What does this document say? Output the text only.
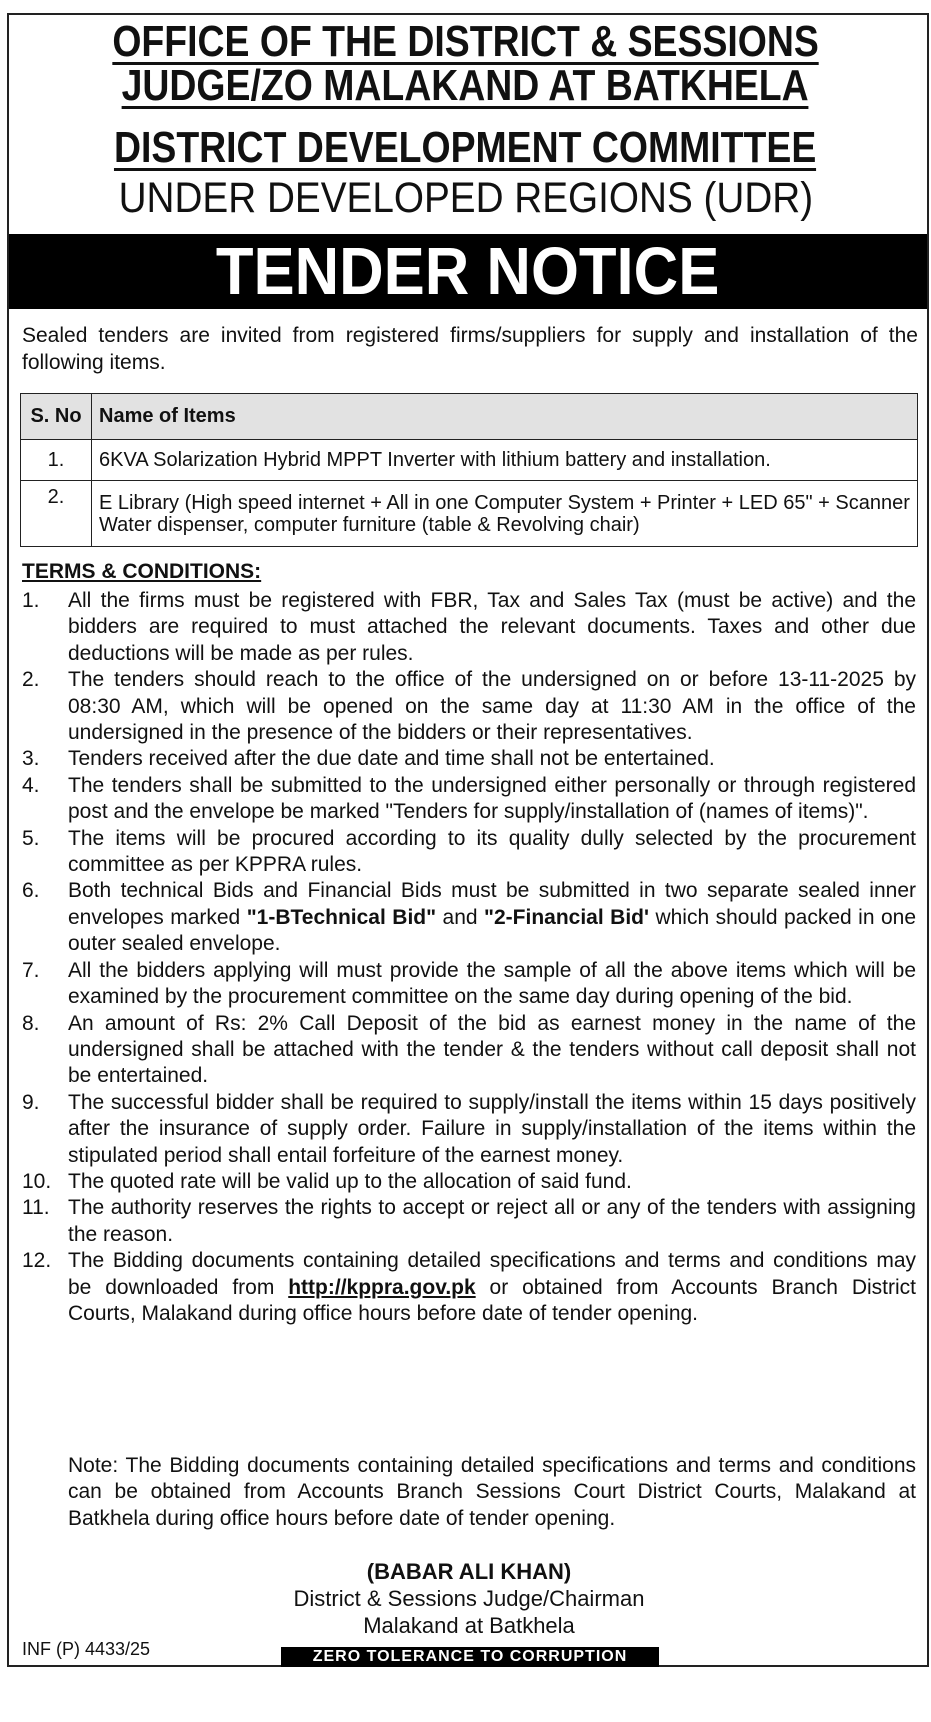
OFFICE OF THE DISTRICT & SESSIONS
JUDGE/ZO MALAKAND AT BATKHELA
DISTRICT DEVELOPMENT COMMITTEE
UNDER DEVELOPED REGIONS (UDR)
TENDER NOTICE
Sealed tenders are invited from registered firms/suppliers for supply and installation of the following items.
S. No	Name of Items
1.	6KVA Solarization Hybrid MPPT Inverter with lithium battery and installation.
2.	E Library (High speed internet + All in one Computer System + Printer + LED 65" + Scanner Water dispenser, computer furniture (table & Revolving chair)
TERMS & CONDITIONS:
1. All the firms must be registered with FBR, Tax and Sales Tax (must be active) and the bidders are required to must attached the relevant documents. Taxes and other due deductions will be made as per rules.
2. The tenders should reach to the office of the undersigned on or before 13-11-2025 by 08:30 AM, which will be opened on the same day at 11:30 AM in the office of the undersigned in the presence of the bidders or their representatives.
3. Tenders received after the due date and time shall not be entertained.
4. The tenders shall be submitted to the undersigned either personally or through registered post and the envelope be marked "Tenders for supply/installation of (names of items)".
5. The items will be procured according to its quality dully selected by the procurement committee as per KPPRA rules.
6. Both technical Bids and Financial Bids must be submitted in two separate sealed inner envelopes marked "1-BTechnical Bid" and "2-Financial Bid' which should packed in one outer sealed envelope.
7. All the bidders applying will must provide the sample of all the above items which will be examined by the procurement committee on the same day during opening of the bid.
8. An amount of Rs: 2% Call Deposit of the bid as earnest money in the name of the undersigned shall be attached with the tender & the tenders without call deposit shall not be entertained.
9. The successful bidder shall be required to supply/install the items within 15 days positively after the insurance of supply order. Failure in supply/installation of the items within the stipulated period shall entail forfeiture of the earnest money.
10. The quoted rate will be valid up to the allocation of said fund.
11. The authority reserves the rights to accept or reject all or any of the tenders with assigning the reason.
12. The Bidding documents containing detailed specifications and terms and conditions may be downloaded from http://kppra.gov.pk or obtained from Accounts Branch District Courts, Malakand during office hours before date of tender opening.
Note: The Bidding documents containing detailed specifications and terms and conditions can be obtained from Accounts Branch Sessions Court District Courts, Malakand at Batkhela during office hours before date of tender opening.
(BABAR ALI KHAN)
District & Sessions Judge/Chairman
Malakand at Batkhela
INF (P) 4433/25	ZERO TOLERANCE TO CORRUPTION
